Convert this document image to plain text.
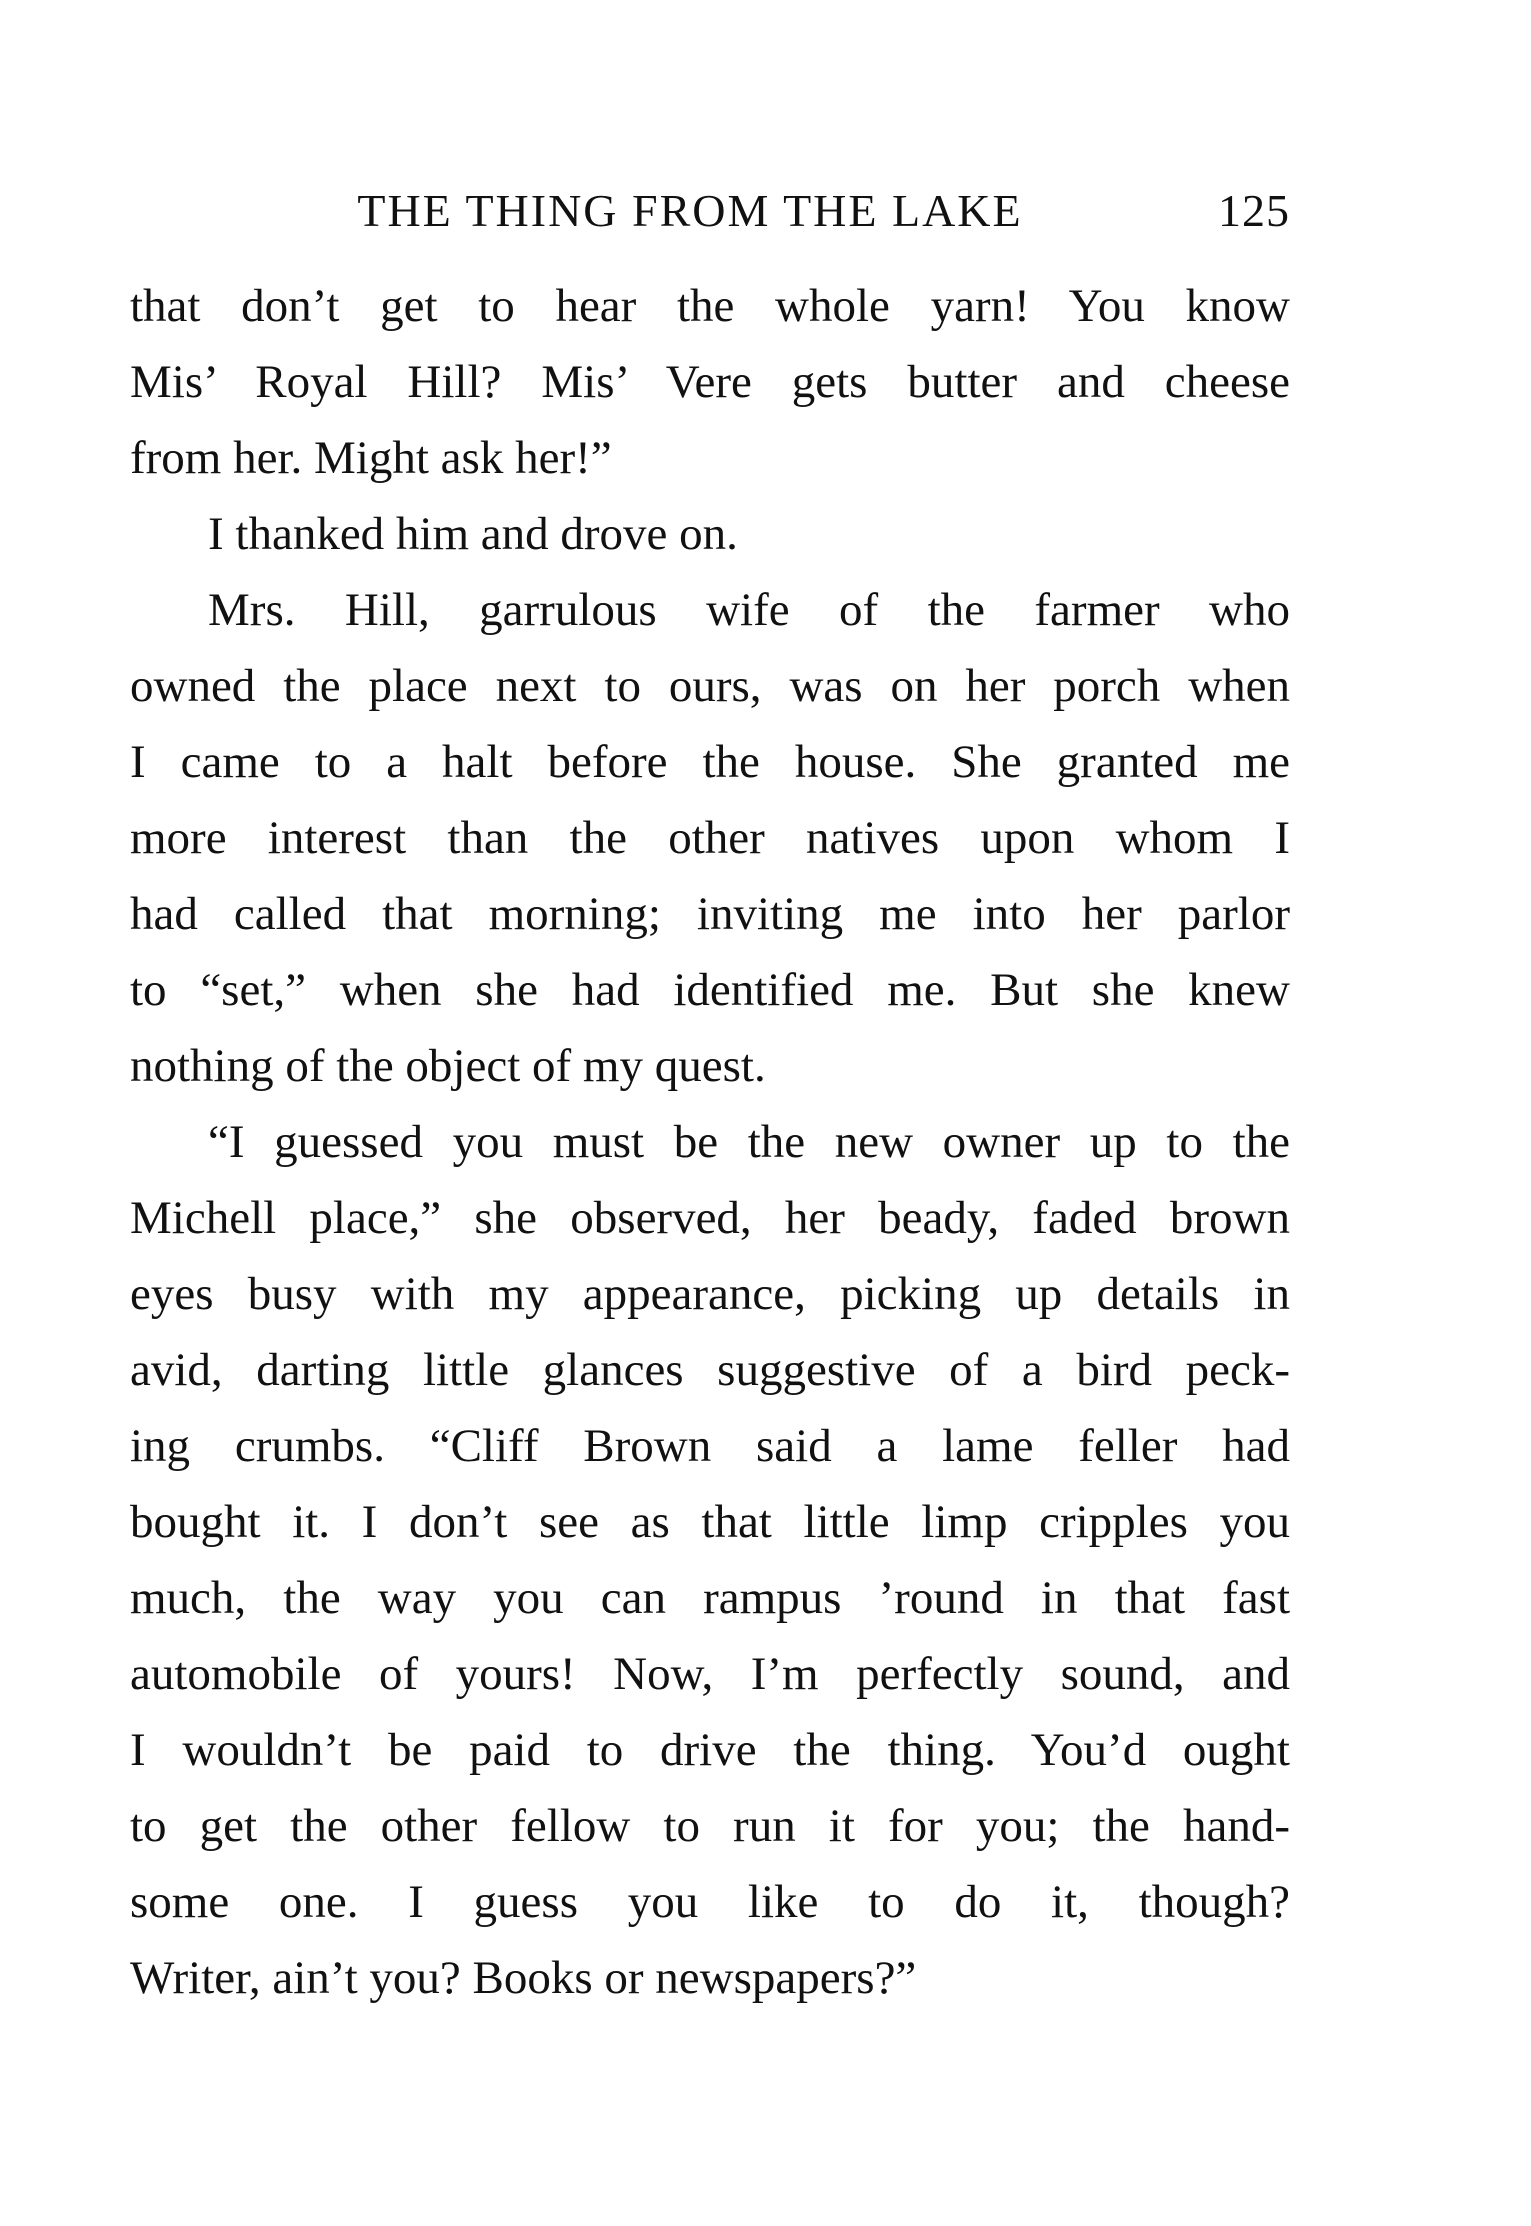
THE THING FROM THE LAKE	125
that don’t get to hear the whole yarn! You know
Mis’ Royal Hill? Mis’ Vere gets butter and cheese
from her. Might ask her!”
I thanked him and drove on.
Mrs. Hill, garrulous wife of the farmer who
owned the place next to ours, was on her porch when
I came to a halt before the house. She granted me
more interest than the other natives upon whom I
had called that morning; inviting me into her parlor
to “set,” when she had identified me. But she knew
nothing of the object of my quest.
“I guessed you must be the new owner up to the
Michell place,” she observed, her beady, faded brown
eyes busy with my appearance, picking up details in
avid, darting little glances suggestive of a bird peck-
ing crumbs. “Cliff Brown said a lame feller had
bought it. I don’t see as that little limp cripples you
much, the way you can rampus ’round in that fast
automobile of yours! Now, I’m perfectly sound, and
I wouldn’t be paid to drive the thing. You’d ought
to get the other fellow to run it for you; the hand-
some one. I guess you like to do it, though?
Writer, ain’t you? Books or newspapers?”
